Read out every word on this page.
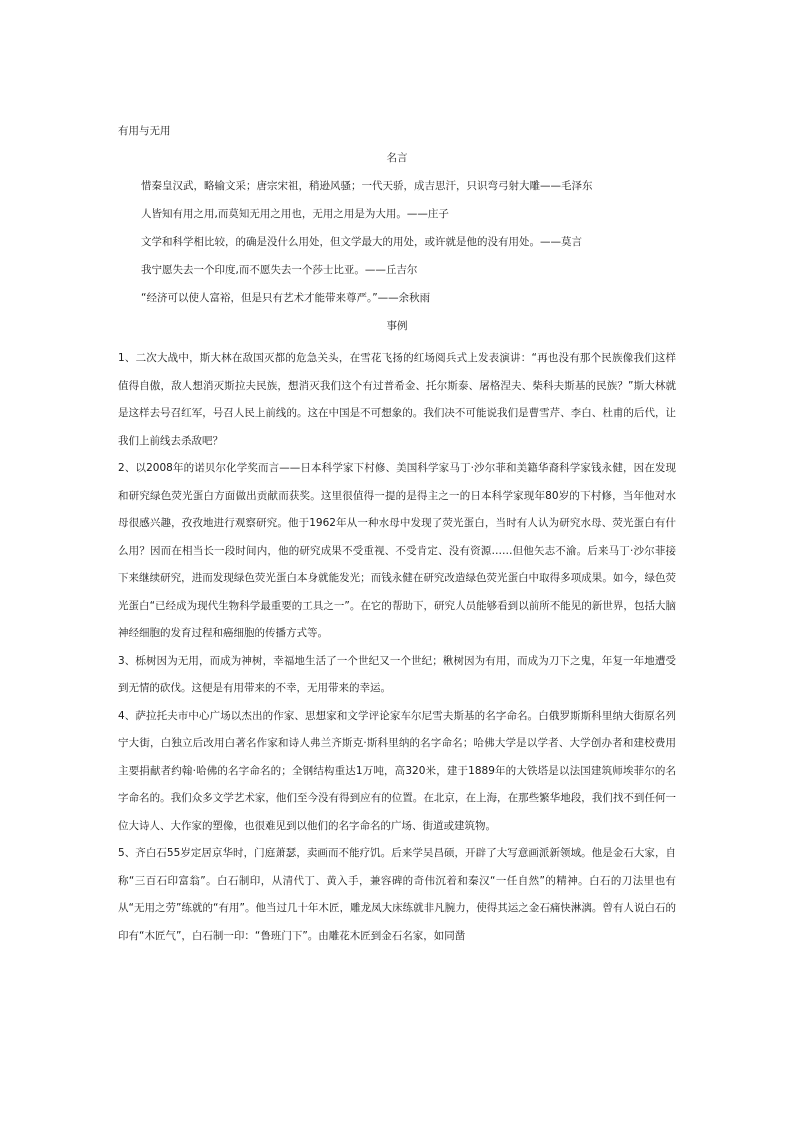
有用与无用
名言
惜秦皇汉武，略输文采；唐宗宋祖，稍逊风骚；一代天骄，成吉思汗，只识弯弓射大雕——毛泽东
人皆知有用之用,而莫知无用之用也，无用之用是为大用。——庄子
文学和科学相比较，的确是没什么用处，但文学最大的用处，或许就是他的没有用处。——莫言
我宁愿失去一个印度,而不愿失去一个莎士比亚。——丘吉尔
“经济可以使人富裕，但是只有艺术才能带来尊严。”——余秋雨
事例

1、二次大战中，斯大林在敌国灭都的危急关头，在雪花飞扬的红场阅兵式上发表演讲：“再也没有那个民族像我们这样值得自傲，敌人想消灭斯拉夫民族，想消灭我们这个有过普希金、托尔斯泰、屠格涅夫、柴科夫斯基的民族？”斯大林就是这样去号召红军，号召人民上前线的。这在中国是不可想象的。我们决不可能说我们是曹雪芹、李白、杜甫的后代，让我们上前线去杀敌吧？

2、以2008年的诺贝尔化学奖而言——日本科学家下村修、美国科学家马丁·沙尔菲和美籍华裔科学家钱永健，因在发现和研究绿色荧光蛋白方面做出贡献而获奖。这里很值得一提的是得主之一的日本科学家现年80岁的下村修，当年他对水母很感兴趣，孜孜地进行观察研究。他于1962年从一种水母中发现了荧光蛋白，当时有人认为研究水母、荧光蛋白有什么用？因而在相当长一段时间内，他的研究成果不受重视、不受肯定、没有资源……但他矢志不渝。后来马丁·沙尔菲接下来继续研究，进而发现绿色荧光蛋白本身就能发光；而钱永健在研究改造绿色荧光蛋白中取得多项成果。如今，绿色荧光蛋白“已经成为现代生物科学最重要的工具之一”。在它的帮助下，研究人员能够看到以前所不能见的新世界，包括大脑神经细胞的发育过程和癌细胞的传播方式等。

3、栎树因为无用，而成为神树，幸福地生活了一个世纪又一个世纪；楸树因为有用，而成为刀下之鬼，年复一年地遭受到无情的砍伐。这便是有用带来的不幸，无用带来的幸运。

4、萨拉托夫市中心广场以杰出的作家、思想家和文学评论家车尔尼雪夫斯基的名字命名。白俄罗斯斯科里纳大街原名列宁大街，白独立后改用白著名作家和诗人弗兰齐斯克·斯科里纳的名字命名；哈佛大学是以学者、大学创办者和建校费用主要捐献者约翰·哈佛的名字命名的；全钢结构重达1万吨，高320米，建于1889年的大铁塔是以法国建筑师埃菲尔的名字命名的。我们众多文学艺术家，他们至今没有得到应有的位置。在北京，在上海，在那些繁华地段，我们找不到任何一位大诗人、大作家的塑像，也很难见到以他们的名字命名的广场、街道或建筑物。

5、齐白石55岁定居京华时，门庭萧瑟，卖画而不能疗饥。后来学吴昌硕，开辟了大写意画派新领域。他是金石大家，自称“三百石印富翁”。白石制印，从清代丁、黄入手，兼容碑的奇伟沉着和秦汉“一任自然”的精神。白石的刀法里也有从“无用之劳”练就的“有用”。他当过几十年木匠，雕龙凤大床练就非凡腕力，使得其运之金石痛快淋漓。曾有人说白石的印有“木匠气”，白石制一印：“鲁班门下”。由雕花木匠到金石名家，如同凿
